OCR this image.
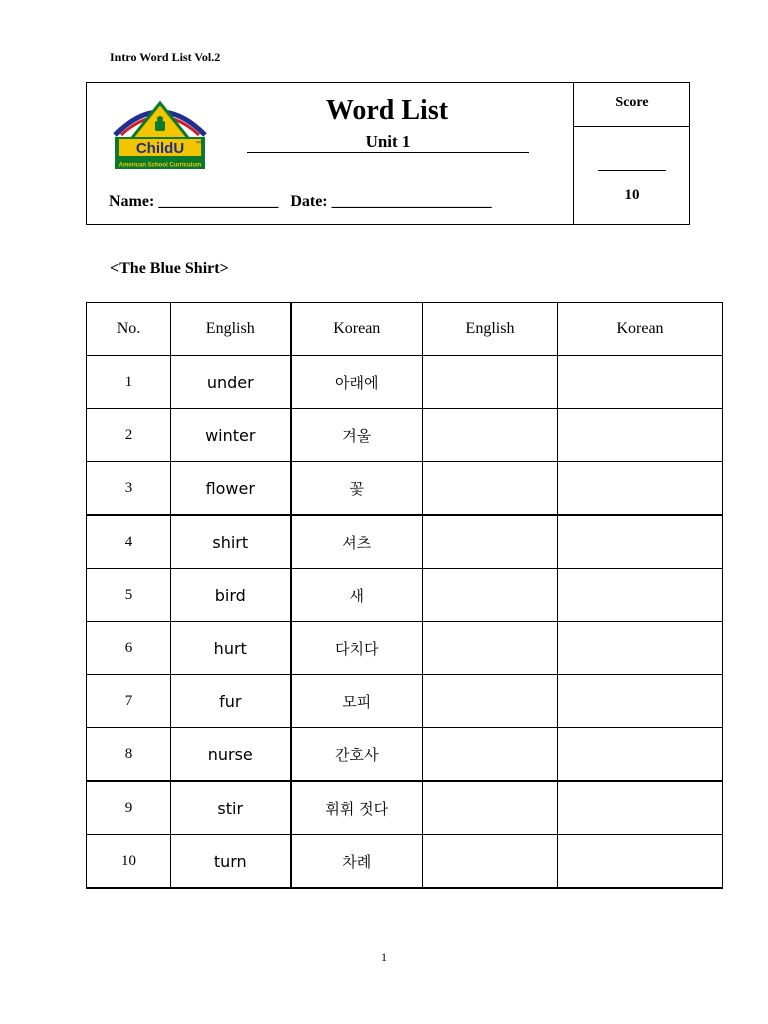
Intro Word List Vol.2
ChildU ™
American School Curriculum
Word List
Unit 1
Name: _______________   Date: ____________________
Score
10
<The Blue Shirt>
No.	English	Korean	English	Korean
1	under	아래에		
2	winter	겨울		
3	flower	꽃		
4	shirt	셔츠		
5	bird	새		
6	hurt	다치다		
7	fur	모피		
8	nurse	간호사		
9	stir	휘휘 젓다		
10	turn	차례		
1
